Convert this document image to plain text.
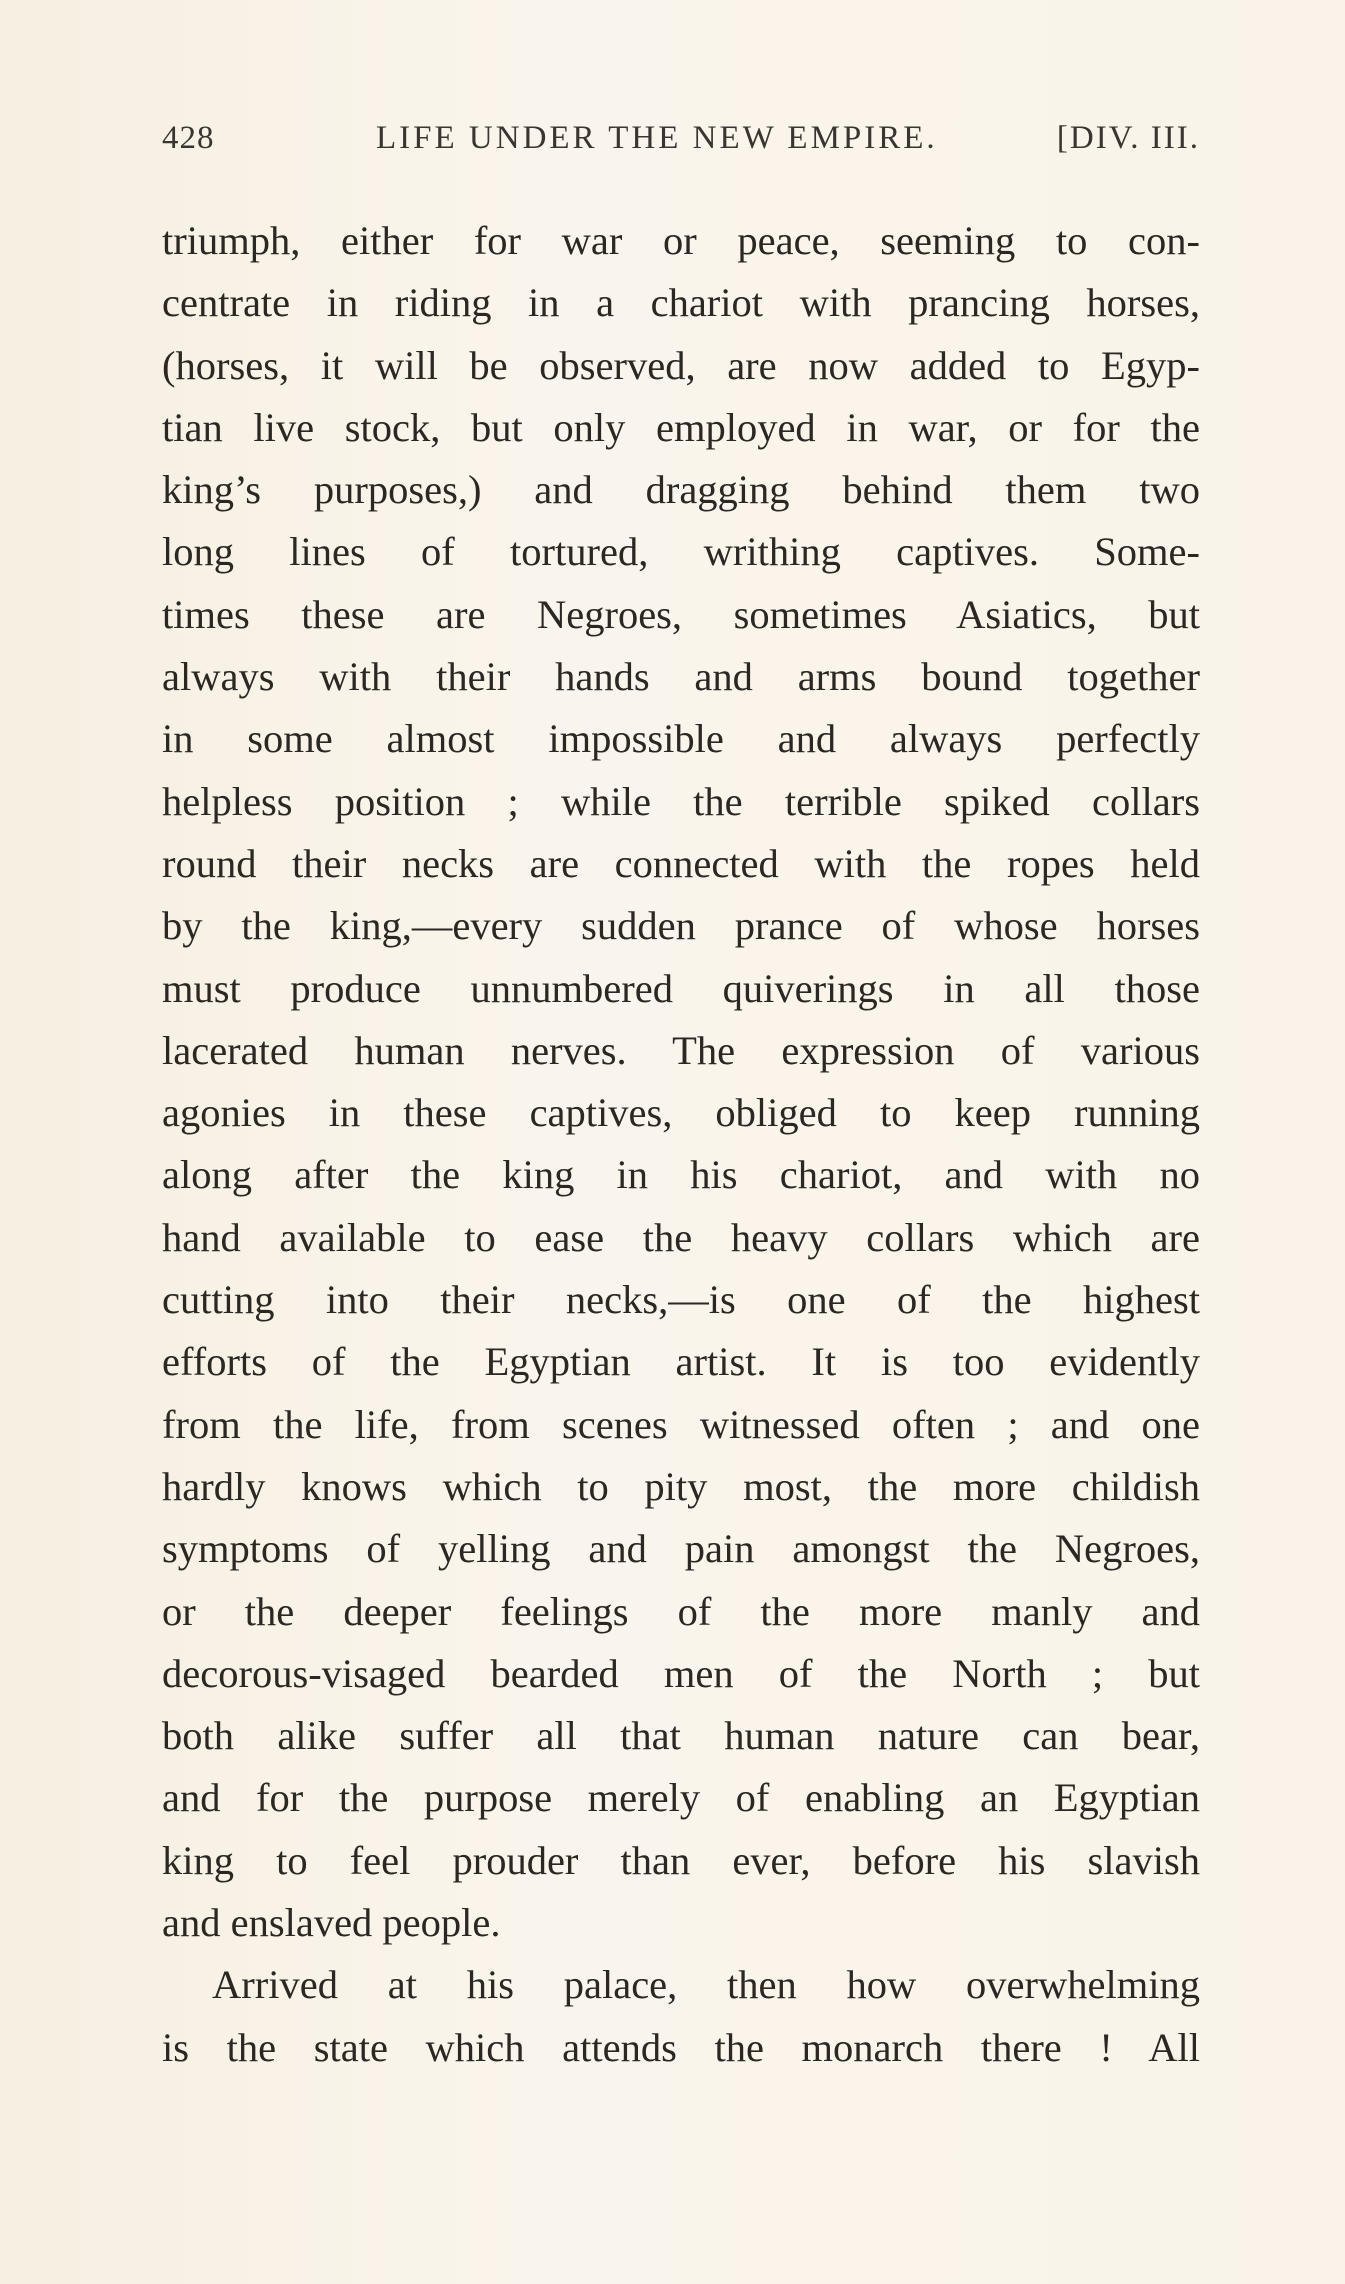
428	LIFE UNDER THE NEW EMPIRE.	[DIV. III.
triumph, either for war or peace, seeming to con-
centrate in riding in a chariot with prancing horses,
(horses, it will be observed, are now added to Egyp-
tian live stock, but only employed in war, or for the
king’s purposes,) and dragging behind them two
long lines of tortured, writhing captives. Some-
times these are Negroes, sometimes Asiatics, but
always with their hands and arms bound together
in some almost impossible and always perfectly
helpless position ; while the terrible spiked collars
round their necks are connected with the ropes held
by the king,—every sudden prance of whose horses
must produce unnumbered quiverings in all those
lacerated human nerves. The expression of various
agonies in these captives, obliged to keep running
along after the king in his chariot, and with no
hand available to ease the heavy collars which are
cutting into their necks,—is one of the highest
efforts of the Egyptian artist. It is too evidently
from the life, from scenes witnessed often ; and one
hardly knows which to pity most, the more childish
symptoms of yelling and pain amongst the Negroes,
or the deeper feelings of the more manly and
decorous-visaged bearded men of the North ; but
both alike suffer all that human nature can bear,
and for the purpose merely of enabling an Egyptian
king to feel prouder than ever, before his slavish
and enslaved people.
Arrived at his palace, then how overwhelming
is the state which attends the monarch there ! All
